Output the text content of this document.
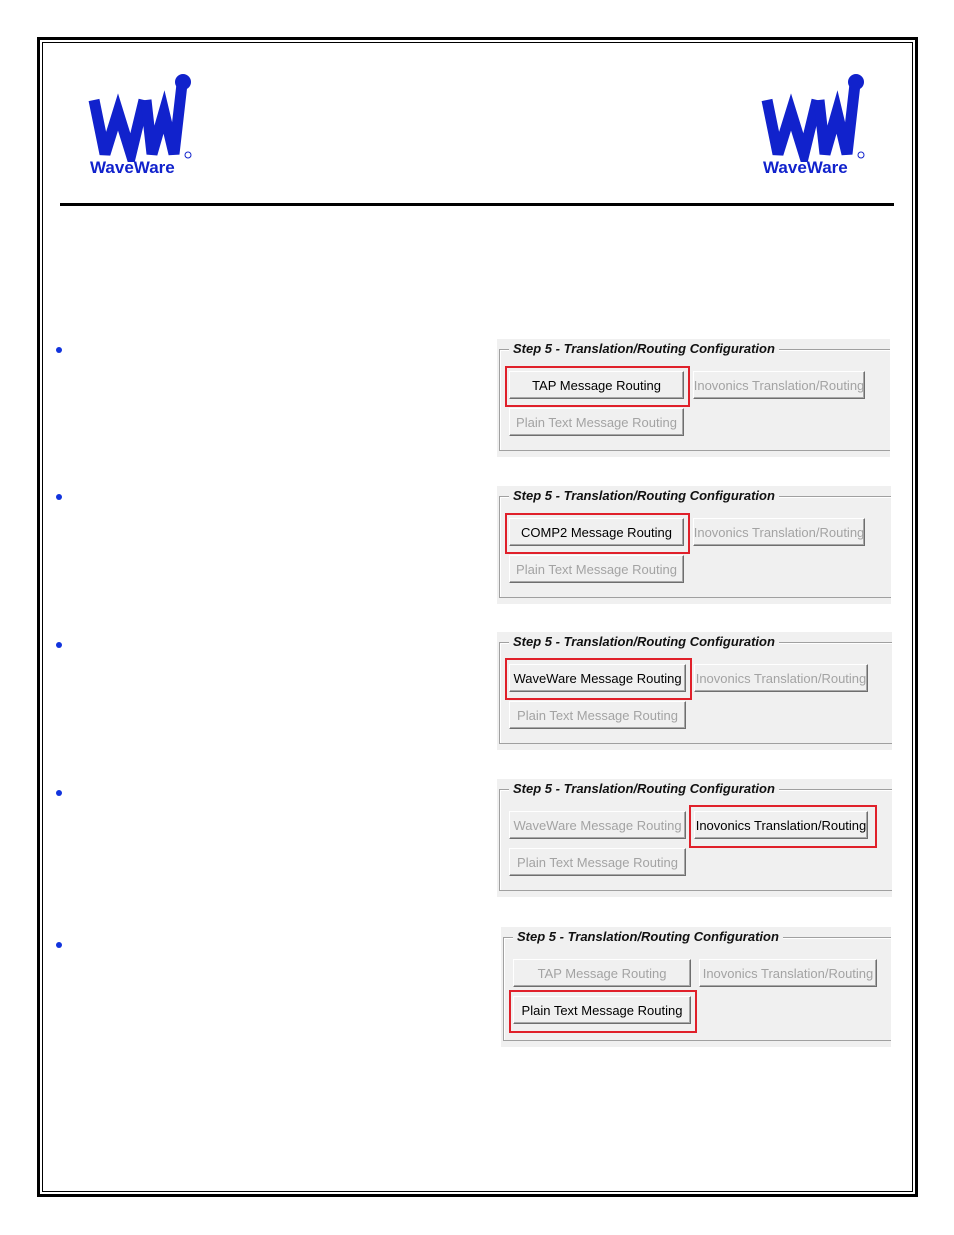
WaveWare	WaveWare
Step 5 - Translation/Routing Configuration
TAP Message Routing	Inovonics Translation/Routing
Plain Text Message Routing
Step 5 - Translation/Routing Configuration
COMP2 Message Routing	Inovonics Translation/Routing
Plain Text Message Routing
Step 5 - Translation/Routing Configuration
WaveWare Message Routing	Inovonics Translation/Routing
Plain Text Message Routing
Step 5 - Translation/Routing Configuration
WaveWare Message Routing	Inovonics Translation/Routing
Plain Text Message Routing
Step 5 - Translation/Routing Configuration
TAP Message Routing	Inovonics Translation/Routing
Plain Text Message Routing
